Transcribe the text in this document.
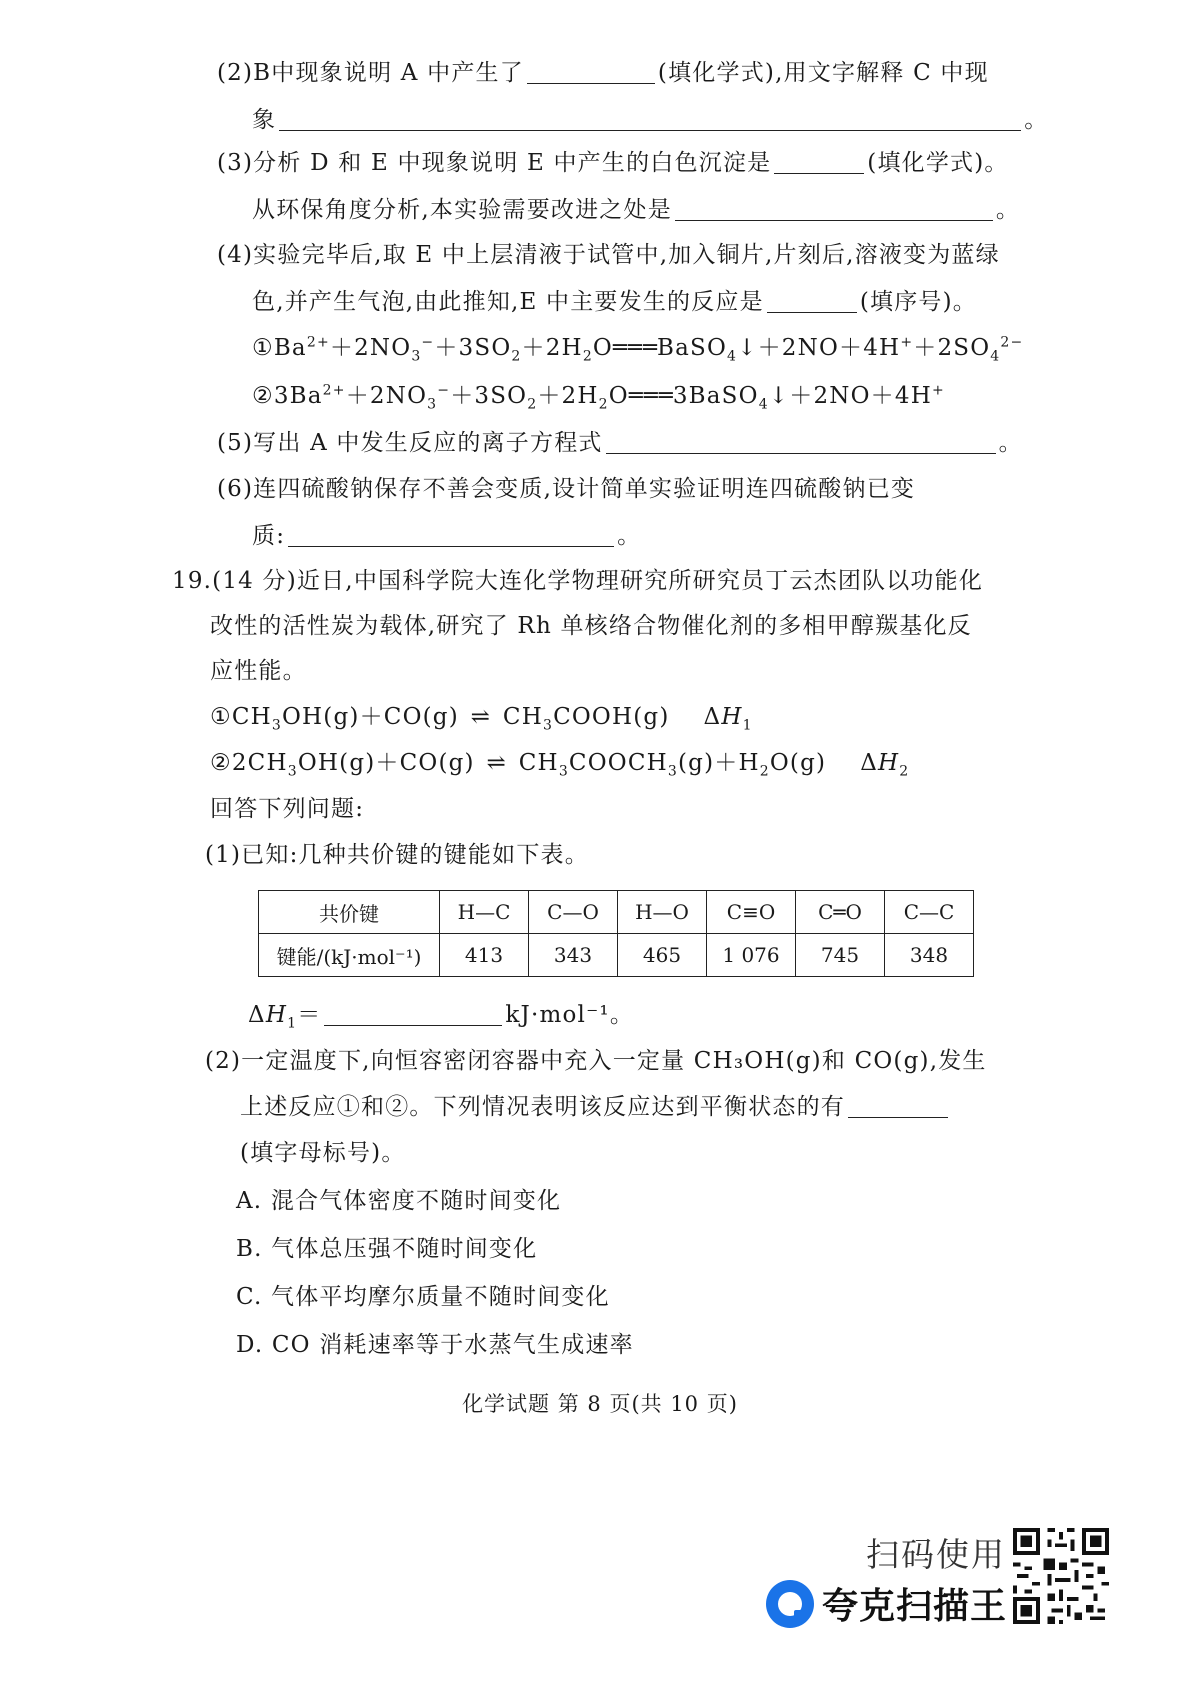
(2)B中现象说明 A 中产生了	(填化学式),用文字解释 C 中现
象	。
(3)分析 D 和 E 中现象说明 E 中产生的白色沉淀是	(填化学式)。
从环保角度分析,本实验需要改进之处是	。
(4)实验完毕后,取 E 中上层清液于试管中,加入铜片,片刻后,溶液变为蓝绿
色,并产生气泡,由此推知,E 中主要发生的反应是	(填序号)。
$①Ba^{2+}+2NO_3^-+3SO_2+2H_2O═══BaSO_4↓+2NO+4H^++2SO_4^{2-}$
$②3Ba^{2+}+2NO_3^-+3SO_2+2H_2O═══3BaSO_4↓+2NO+4H^+$
(5)写出 A 中发生反应的离子方程式	。
(6)连四硫酸钠保存不善会变质,设计简单实验证明连四硫酸钠已变
质:	。
19.(14 分)近日,中国科学院大连化学物理研究所研究员丁云杰团队以功能化
改性的活性炭为载体,研究了 Rh 单核络合物催化剂的多相甲醇羰基化反
应性能。
$①CH_3OH(g)+CO(g)$ ⇌ $CH_3COOH(g)$    $\Delta H_1$
$②2CH_3OH(g)+CO(g)$ ⇌ $CH_3COOCH_3(g)+H_2O(g)$    $\Delta H_2$
回答下列问题:
(1)已知:几种共价键的键能如下表。
共价键	H—C	C—O	H—O	C≡O	C═O	C—C
键能/(kJ·mol⁻¹)	413	343	465	1 076	745	348
$\Delta H_1=$	kJ·mol⁻¹。
(2)一定温度下,向恒容密闭容器中充入一定量 CH₃OH(g)和 CO(g),发生
上述反应①和②。下列情况表明该反应达到平衡状态的有
(填字母标号)。
A. 混合气体密度不随时间变化
B. 气体总压强不随时间变化
C. 气体平均摩尔质量不随时间变化
D. CO 消耗速率等于水蒸气生成速率
化学试题 第 8 页(共 10 页)
扫码使用
夸克扫描王
